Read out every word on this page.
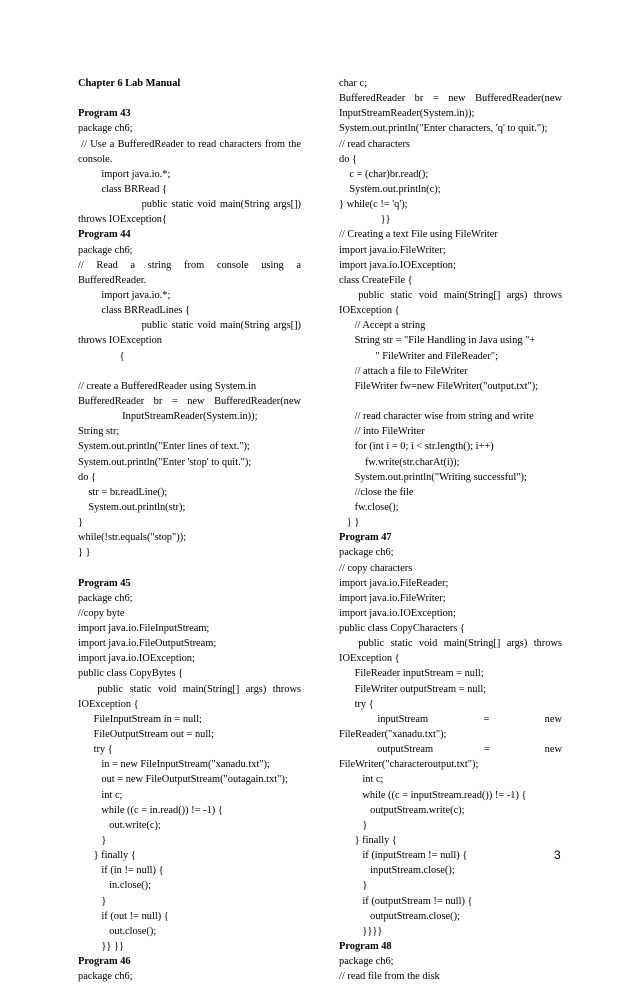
Chapter 6 Lab Manual
Program 43
package ch6;
// Use a BufferedReader to read characters from the
console.
import java.io.*;
class BRRead {
public static void main(String args[])
throws IOException{
Program 44
package ch6;
//   Read   a   string   from   console   using   a
BufferedReader.
import java.io.*;
class BRReadLines {
public static void main(String args[])
throws IOException
{
// create a BufferedReader using System.in
BufferedReader br = new BufferedReader(new
InputStreamReader(System.in));
String str;
System.out.println("Enter lines of text.");
System.out.println("Enter 'stop' to quit.");
do {
str = br.readLine();
System.out.println(str);
}
while(!str.equals("stop"));
} }
Program 45
package ch6;
//copy byte
import java.io.FileInputStream;
import java.io.FileOutputStream;
import java.io.IOException;
public class CopyBytes {
public static void main(String[] args) throws
IOException {
FileInputStream in = null;
FileOutputStream out = null;
try {
in = new FileInputStream("xanadu.txt");
out = new FileOutputStream("outagain.txt");
int c;
while ((c = in.read()) != -1) {
out.write(c);
}
} finally {
if (in != null) {
in.close();
}
if (out != null) {
out.close();
}} }}
Program 46
package ch6;
char c;
BufferedReader  br  =  new  BufferedReader(new
InputStreamReader(System.in));
System.out.println("Enter characters, 'q' to quit.");
// read characters
do {
c = (char)br.read();
System.out.println(c);
} while(c != 'q');
}}
// Creating a text File using FileWriter
import java.io.FileWriter;
import java.io.IOException;
class CreateFile {
public static void main(String[] args) throws
IOException {
// Accept a string
String str = "File Handling in Java using "+
" FileWriter and FileReader";
// attach a file to FileWriter
FileWriter fw=new FileWriter("output.txt");
// read character wise from string and write
// into FileWriter
for (int i = 0; i < str.length(); i++)
fw.write(str.charAt(i));
System.out.println("Writing successful");
//close the file
fw.close();
} }
Program 47
package ch6;
// copy characters
import java.io.FileReader;
import java.io.FileWriter;
import java.io.IOException;
public class CopyCharacters {
public static void main(String[] args) throws
IOException {
FileReader inputStream = null;
FileWriter outputStream = null;
try {
inputStream             =             new
FileReader("xanadu.txt");
outputStream            =             new
FileWriter("characteroutput.txt");
int c;
while ((c = inputStream.read()) != -1) {
outputStream.write(c);
}
} finally {
if (inputStream != null) {
inputStream.close();
}
if (outputStream != null) {
outputStream.close();
}}}}
Program 48
package ch6;
// read file from the disk
3
